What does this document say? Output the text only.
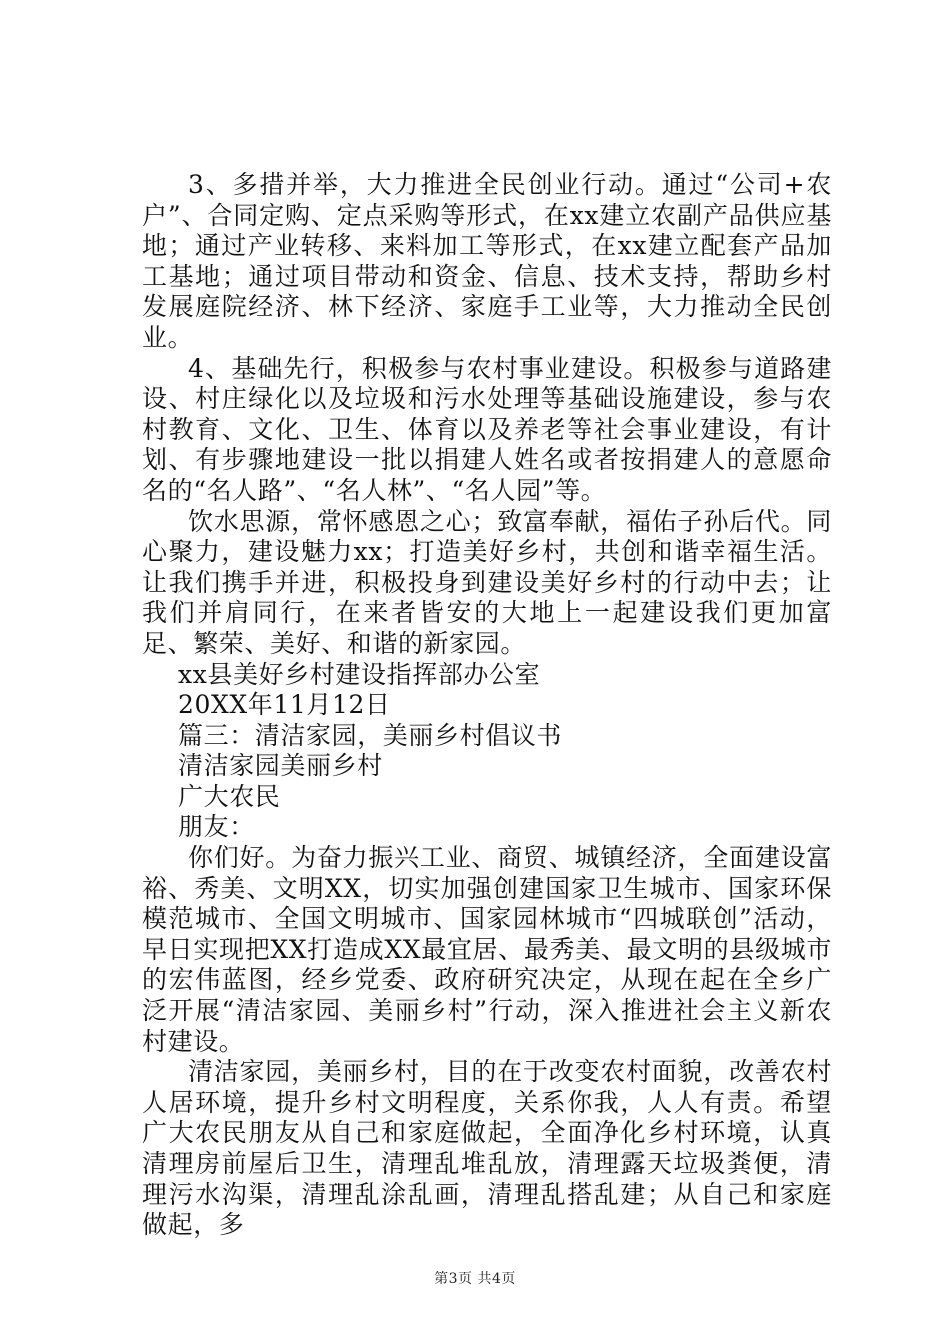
3、多措并举，大力推进全民创业行动。通过“公司+农户”、合同定购、定点采购等形式，在xx建立农副产品供应基地；通过产业转移、来料加工等形式，在xx建立配套产品加工基地；通过项目带动和资金、信息、技术支持，帮助乡村发展庭院经济、林下经济、家庭手工业等，大力推动全民创业。

4、基础先行，积极参与农村事业建设。积极参与道路建设、村庄绿化以及垃圾和污水处理等基础设施建设，参与农村教育、文化、卫生、体育以及养老等社会事业建设，有计划、有步骤地建设一批以捐建人姓名或者按捐建人的意愿命名的“名人路”、“名人林”、“名人园”等。

饮水思源，常怀感恩之心；致富奉献，福佑子孙后代。同心聚力，建设魅力xx；打造美好乡村，共创和谐幸福生活。让我们携手并进，积极投身到建设美好乡村的行动中去；让我们并肩同行，在来者皆安的大地上一起建设我们更加富足、繁荣、美好、和谐的新家园。

xx县美好乡村建设指挥部办公室

20XX年11月12日

篇三：清洁家园，美丽乡村倡议书

清洁家园美丽乡村

广大农民

朋友：

你们好。为奋力振兴工业、商贸、城镇经济，全面建设富裕、秀美、文明XX，切实加强创建国家卫生城市、国家环保模范城市、全国文明城市、国家园林城市“四城联创”活动，早日实现把XX打造成XX最宜居、最秀美、最文明的县级城市的宏伟蓝图，经乡党委、政府研究决定，从现在起在全乡广泛开展“清洁家园、美丽乡村”行动，深入推进社会主义新农村建设。

清洁家园，美丽乡村，目的在于改变农村面貌，改善农村人居环境，提升乡村文明程度，关系你我，人人有责。希望广大农民朋友从自己和家庭做起，全面净化乡村环境，认真清理房前屋后卫生，清理乱堆乱放，清理露天垃圾粪便，清理污水沟渠，清理乱涂乱画，清理乱搭乱建；从自己和家庭做起，多

第3页 共4页
